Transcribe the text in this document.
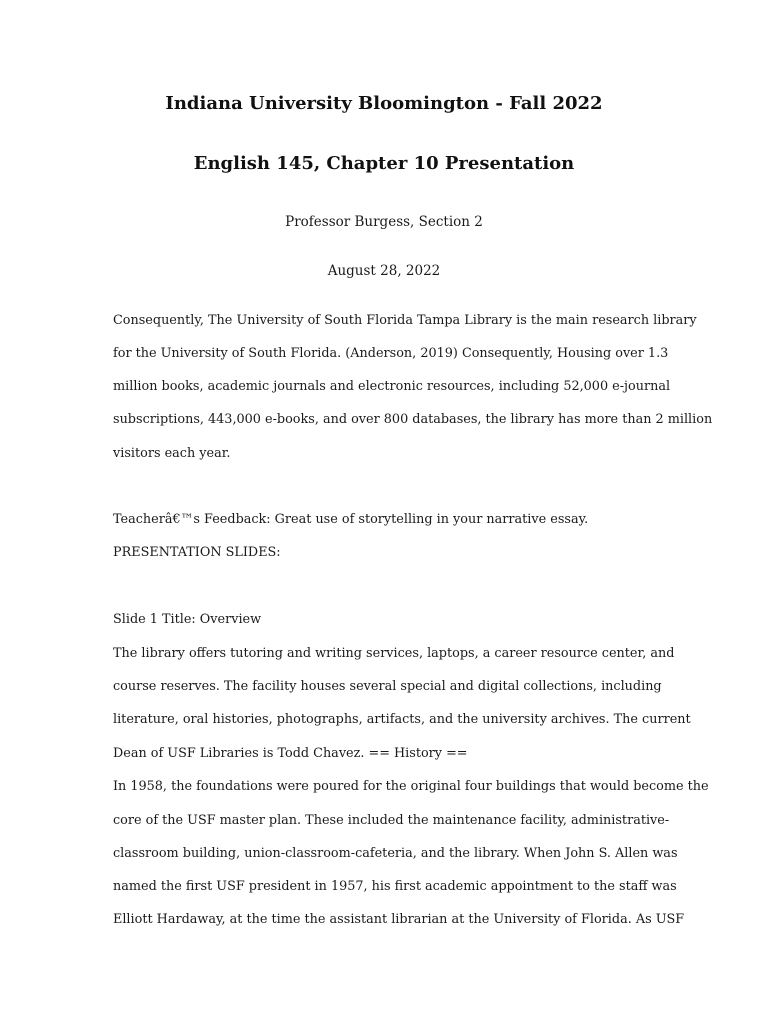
Indiana University Bloomington - Fall 2022
English 145, Chapter 10 Presentation

Professor Burgess, Section 2

August 28, 2022

Consequently, The University of South Florida Tampa Library is the main research library

for the University of South Florida. (Anderson, 2019) Consequently, Housing over 1.3

million books, academic journals and electronic resources, including 52,000 e-journal

subscriptions, 443,000 e-books, and over 800 databases, the library has more than 2 million

visitors each year.

Teacherâ€™s Feedback: Great use of storytelling in your narrative essay.

PRESENTATION SLIDES:

Slide 1 Title: Overview

The library offers tutoring and writing services, laptops, a career resource center, and

course reserves. The facility houses several special and digital collections, including

literature, oral histories, photographs, artifacts, and the university archives. The current

Dean of USF Libraries is Todd Chavez. == History ==

In 1958, the foundations were poured for the original four buildings that would become the

core of the USF master plan. These included the maintenance facility, administrative-

classroom building, union-classroom-cafeteria, and the library. When John S. Allen was

named the first USF president in 1957, his first academic appointment to the staff was

Elliott Hardaway, at the time the assistant librarian at the University of Florida. As USF
